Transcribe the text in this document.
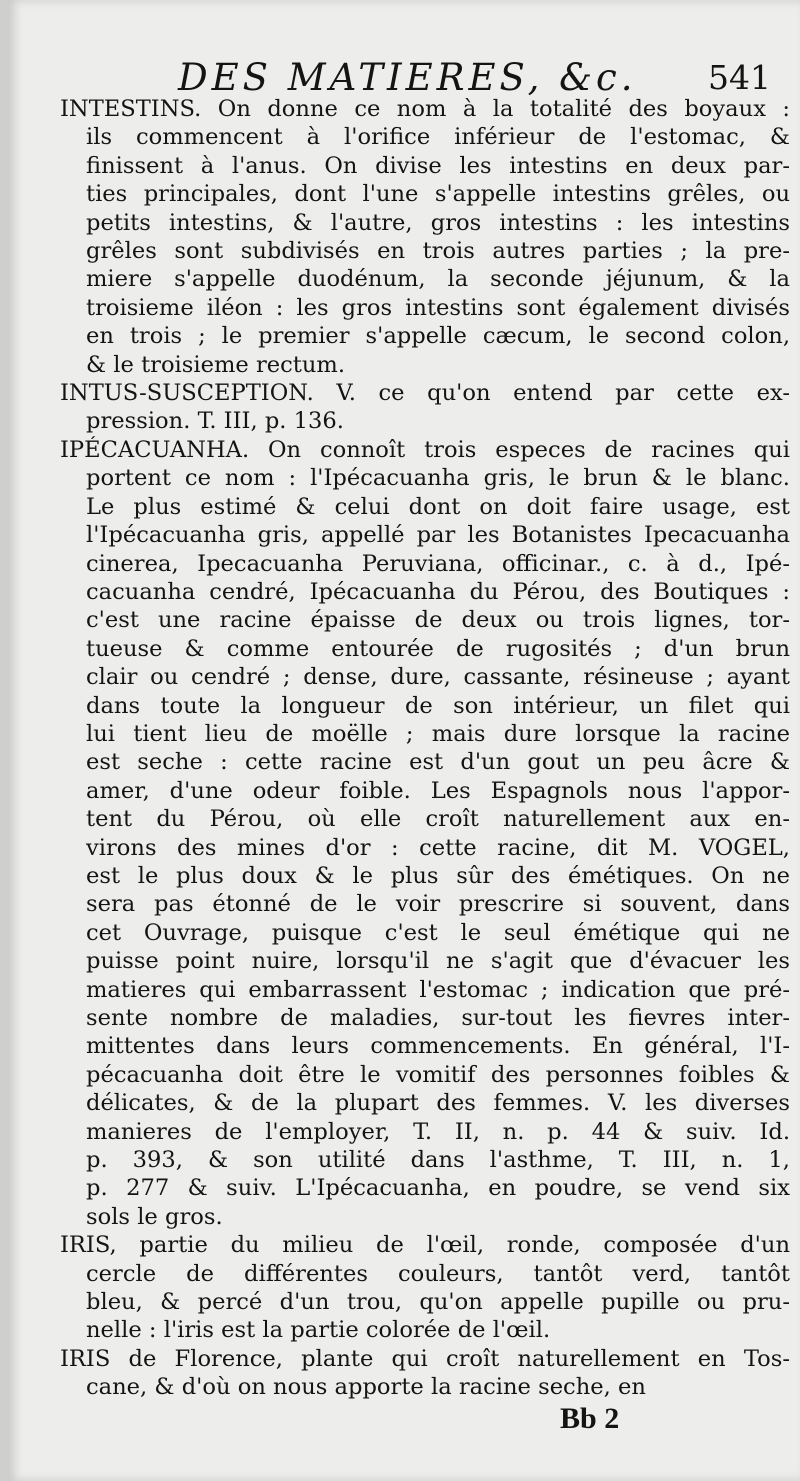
DES MATIERES, &c. 541
INTESTINS. On donne ce nom à la totalité des boyaux :
ils commencent à l'orifice inférieur de l'estomac, &
finissent à l'anus. On divise les intestins en deux par-
ties principales, dont l'une s'appelle intestins grêles, ou
petits intestins, & l'autre, gros intestins : les intestins
grêles sont subdivisés en trois autres parties ; la pre-
miere s'appelle duodénum, la seconde jéjunum, & la
troisieme iléon : les gros intestins sont également divisés
en trois ; le premier s'appelle cæcum, le second colon,
& le troisieme rectum.
INTUS-SUSCEPTION. V. ce qu'on entend par cette ex-
pression. T. III, p. 136.
IPÉCACUANHA. On connoît trois especes de racines qui
portent ce nom : l'Ipécacuanha gris, le brun & le blanc.
Le plus estimé & celui dont on doit faire usage, est
l'Ipécacuanha gris, appellé par les Botanistes Ipecacuanha
cinerea, Ipecacuanha Peruviana, officinar., c. à d., Ipé-
cacuanha cendré, Ipécacuanha du Pérou, des Boutiques :
c'est une racine épaisse de deux ou trois lignes, tor-
tueuse & comme entourée de rugosités ; d'un brun
clair ou cendré ; dense, dure, cassante, résineuse ; ayant
dans toute la longueur de son intérieur, un filet qui
lui tient lieu de moëlle ; mais dure lorsque la racine
est seche : cette racine est d'un gout un peu âcre &
amer, d'une odeur foible. Les Espagnols nous l'appor-
tent du Pérou, où elle croît naturellement aux en-
virons des mines d'or : cette racine, dit M. VOGEL,
est le plus doux & le plus sûr des émétiques. On ne
sera pas étonné de le voir prescrire si souvent, dans
cet Ouvrage, puisque c'est le seul émétique qui ne
puisse point nuire, lorsqu'il ne s'agit que d'évacuer les
matieres qui embarrassent l'estomac ; indication que pré-
sente nombre de maladies, sur-tout les fievres inter-
mittentes dans leurs commencements. En général, l'I-
pécacuanha doit être le vomitif des personnes foibles &
délicates, & de la plupart des femmes. V. les diverses
manieres de l'employer, T. II, n. p. 44 & suiv. Id.
p. 393, & son utilité dans l'asthme, T. III, n. 1,
p. 277 & suiv. L'Ipécacuanha, en poudre, se vend six
sols le gros.
IRIS, partie du milieu de l'œil, ronde, composée d'un
cercle de différentes couleurs, tantôt verd, tantôt
bleu, & percé d'un trou, qu'on appelle pupille ou pru-
nelle : l'iris est la partie colorée de l'œil.
IRIS de Florence, plante qui croît naturellement en Tos-
cane, & d'où on nous apporte la racine seche, en
Bb 2
